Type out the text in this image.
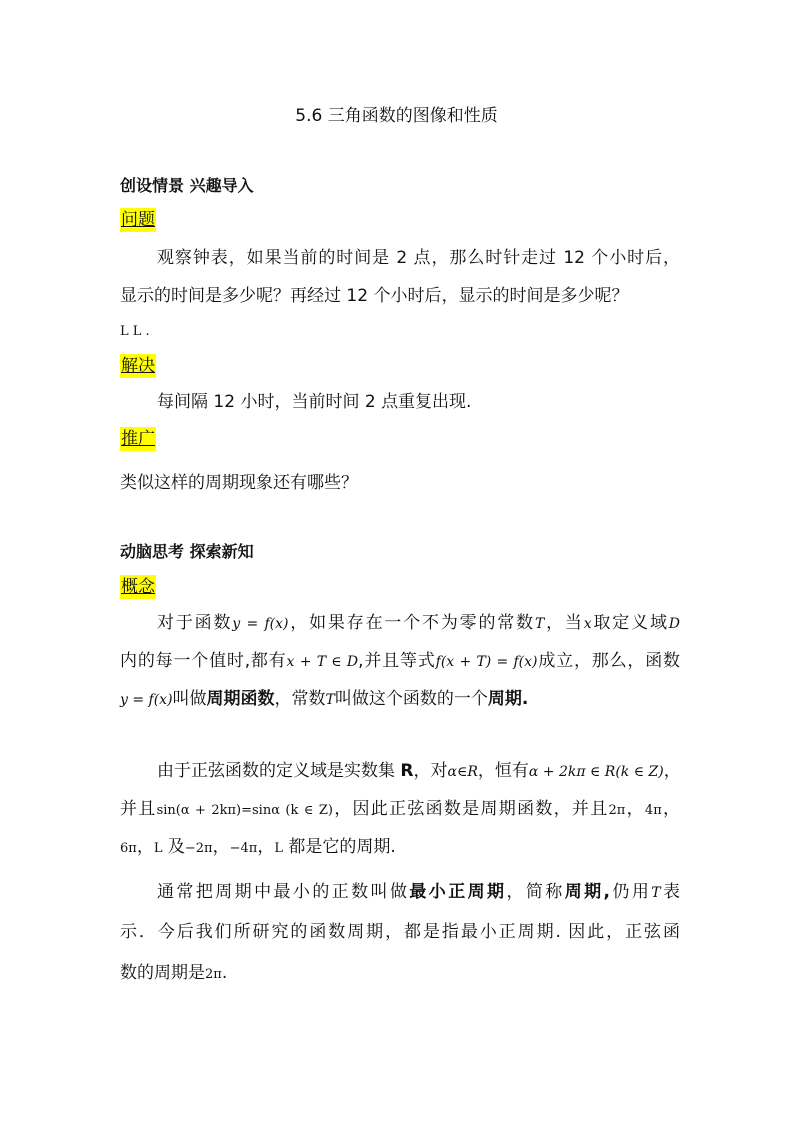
5.6 三角函数的图像和性质
创设情景 兴趣导入
问题
观察钟表，如果当前的时间是 2 点，那么时针走过 12 个小时后，
显示的时间是多少呢？再经过 12 个小时后，显示的时间是多少呢？
L L .
解决
每间隔 12 小时，当前时间 2 点重复出现.
推广
类似这样的周期现象还有哪些？
动脑思考 探索新知
概念
对于函数y = f(x)，如果存在一个不为零的常数T，当x取定义域D
内的每一个值时,都有x + T ∈ D,并且等式f(x + T) = f(x)成立，那么，函数
y = f(x)叫做周期函数，常数T叫做这个函数的一个周期.
由于正弦函数的定义域是实数集 R，对α∈R，恒有α + 2kπ ∈ R(k ∈ Z)，
并且sin(α + 2kπ)=sinα (k ∈ Z)，因此正弦函数是周期函数，并且2π，4π，
6π，L 及−2π，−4π，L 都是它的周期.
通常把周期中最小的正数叫做最小正周期，简称周期,仍用T表
示．今后我们所研究的函数周期，都是指最小正周期. 因此，正弦函
数的周期是2π.
